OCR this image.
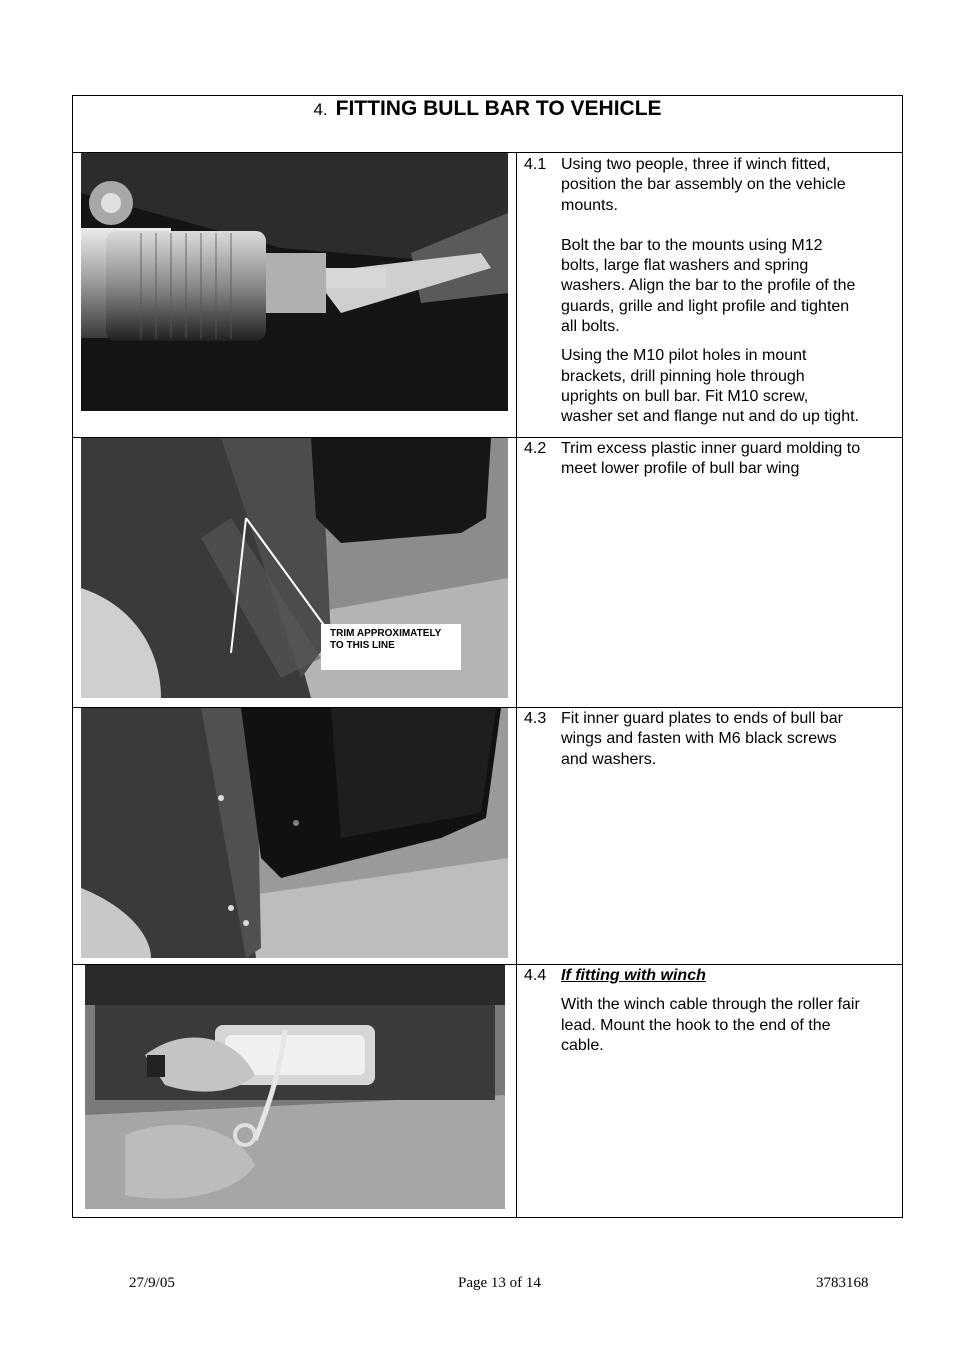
4. FITTING BULL BAR TO VEHICLE
4.1 Using two people, three if winch fitted,
position the bar assembly on the vehicle
mounts.
Bolt the bar to the mounts using M12
bolts, large flat washers and spring
washers. Align the bar to the profile of the
guards, grille and light profile and tighten
all bolts.
Using the M10 pilot holes in mount
brackets, drill pinning hole through
uprights on bull bar. Fit M10 screw,
washer set and flange nut and do up tight.
TRIM APPROXIMATELY
TO THIS LINE
4.2 Trim excess plastic inner guard molding to
meet lower profile of bull bar wing
4.3 Fit inner guard plates to ends of bull bar
wings and fasten with M6 black screws
and washers.
4.4 If fitting with winch
With the winch cable through the roller fair
lead. Mount the hook to the end of the
cable.
27/9/05	Page 13 of 14	3783168
